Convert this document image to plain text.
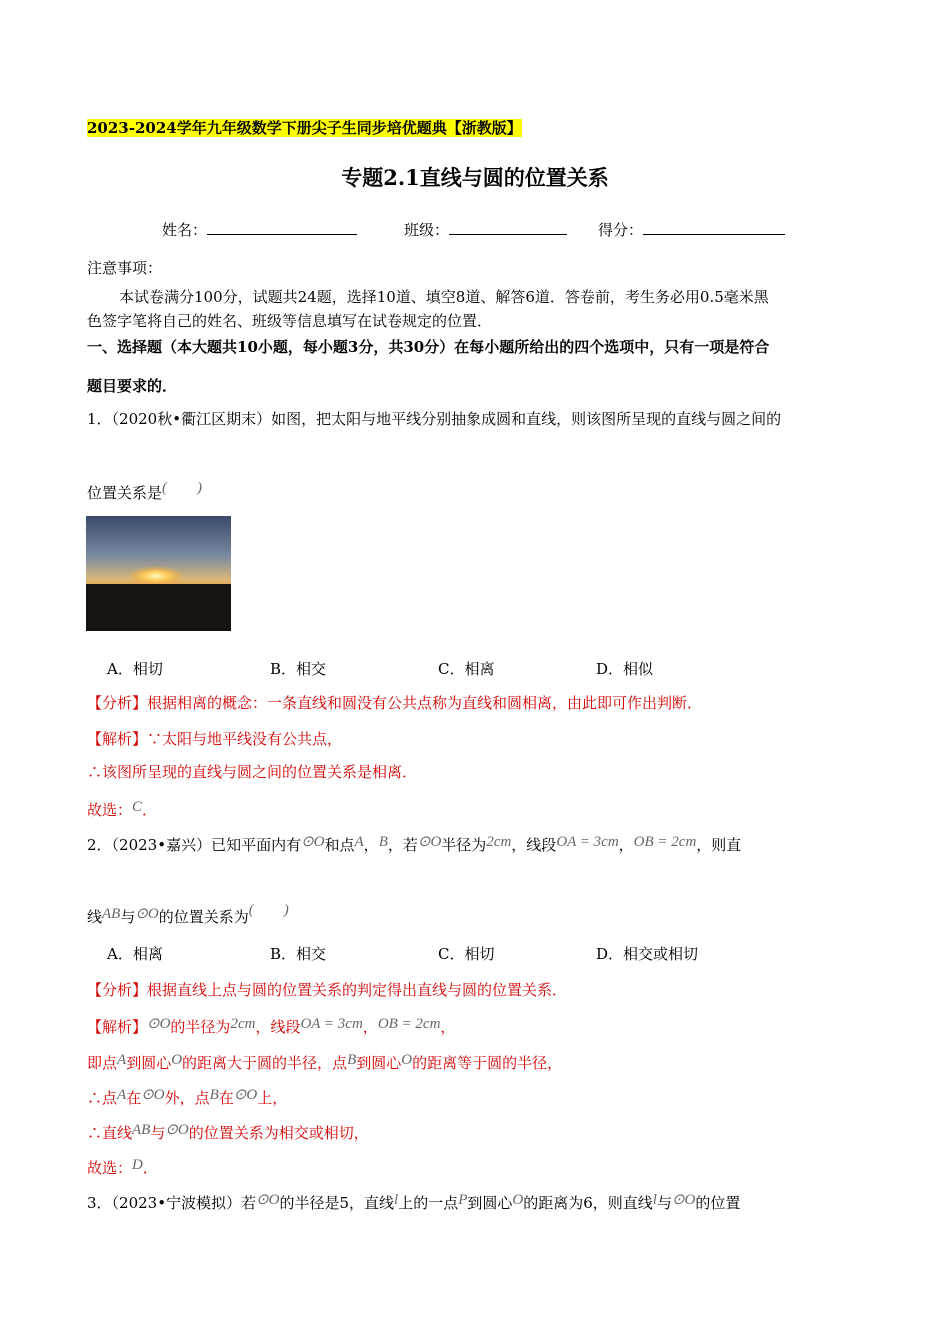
2023-2024学年九年级数学下册尖子生同步培优题典【浙教版】
专题2.1直线与圆的位置关系
姓名：	班级：	得分：
注意事项：
本试卷满分100分，试题共24题，选择10道、填空8道、解答6道．答卷前，考生务必用0.5毫米黑
色签字笔将自己的姓名、班级等信息填写在试卷规定的位置．
一、选择题（本大题共10小题，每小题3分，共30分）在每小题所给出的四个选项中，只有一项是符合
题目要求的．
1．（2020秋•衢江区期末）如图，把太阳与地平线分别抽象成圆和直线，则该图所呈现的直线与圆之间的
位置关系是(　　)
A．相切	B．相交	C．相离	D．相似
【分析】根据相离的概念：一条直线和圆没有公共点称为直线和圆相离，由此即可作出判断．
【解析】∵太阳与地平线没有公共点，
∴该图所呈现的直线与圆之间的位置关系是相离．
故选：C．
2．（2023•嘉兴）已知平面内有⊙O和点A，B，若⊙O半径为2cm，线段OA = 3cm，OB = 2cm，则直
线AB与⊙O的位置关系为(　　)
A．相离	B．相交	C．相切	D．相交或相切
【分析】根据直线上点与圆的位置关系的判定得出直线与圆的位置关系．
【解析】⊙O的半径为2cm，线段OA = 3cm，OB = 2cm，
即点A到圆心O的距离大于圆的半径，点B到圆心O的距离等于圆的半径，
∴点A在⊙O外，点B在⊙O上，
∴直线AB与⊙O的位置关系为相交或相切，
故选：D．
3．（2023•宁波模拟）若⊙O的半径是5，直线l上的一点P到圆心O的距离为6，则直线l与⊙O的位置
